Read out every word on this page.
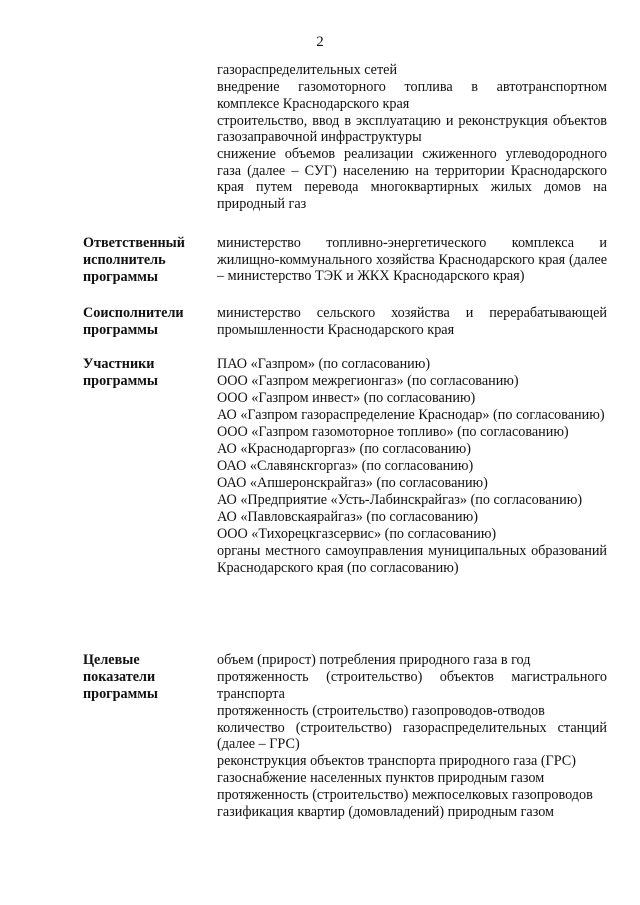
2

газораспределительных сетей

внедрение газомоторного топлива в автотранспортном комплексе Краснодарского края

строительство, ввод в эксплуатацию и реконструкция объектов газозаправочной инфраструктуры

снижение объемов реализации сжиженного углеводородного газа (далее – СУГ) населению на территории Краснодарского края путем перевода многоквартирных жилых домов на природный газ

Ответственный исполнитель программы

министерство топливно-энергетического комплекса и жилищно-коммунального хозяйства Краснодарского края (далее – министерство ТЭК и ЖКХ Краснодарского края)

Соисполнители программы

министерство сельского хозяйства и перерабатывающей промышленности Краснодарского края

Участники программы

ПАО «Газпром» (по согласованию)

ООО «Газпром межрегионгаз» (по согласованию)

ООО «Газпром инвест» (по согласованию)

АО «Газпром газораспределение Краснодар» (по согласованию)

ООО «Газпром газомоторное топливо» (по согласованию)

АО «Краснодаргоргаз» (по согласованию)

ОАО «Славянскгоргаз» (по согласованию)

ОАО «Апшеронскрайгаз» (по согласованию)

АО «Предприятие «Усть-Лабинскрайгаз» (по согласованию)

АО «Павловскаярайгаз» (по согласованию)

ООО «Тихорецкгазсервис» (по согласованию)

органы местного самоуправления муниципальных образований Краснодарского края (по согласованию)

Целевые показатели программы

объем (прирост) потребления природного газа в год

протяженность (строительство) объектов магистрального транспорта

протяженность (строительство) газопроводов-отводов

количество (строительство) газораспределительных станций (далее – ГРС)

реконструкция объектов транспорта природного газа (ГРС)

газоснабжение населенных пунктов природным газом

протяженность (строительство) межпоселковых газопроводов

газификация квартир (домовладений) природным газом
